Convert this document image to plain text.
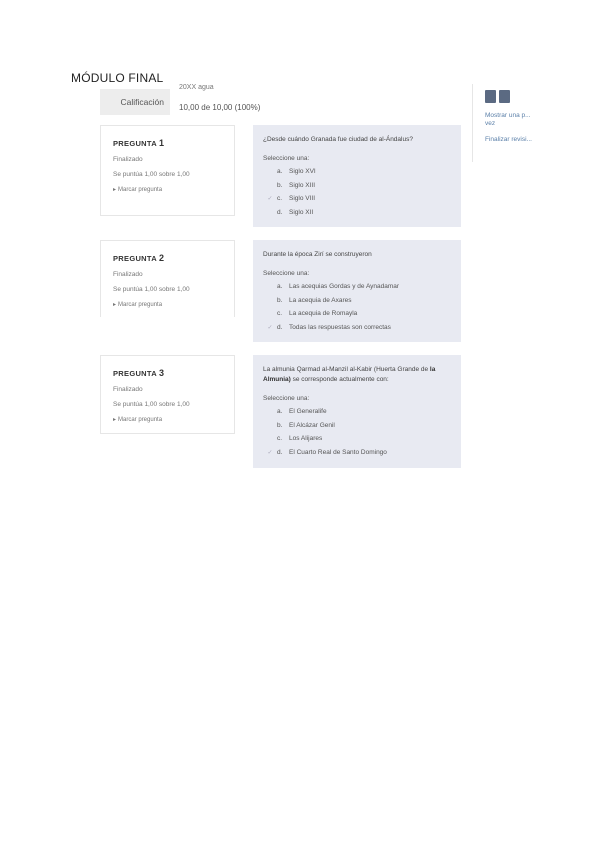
MÓDULO FINAL
20XX agua
Calificación
10,00 de 10,00 (100%)
Mostrar una p... vez
Finalizar revisi...
PREGUNTA 1
Finalizado
Se puntúa 1,00 sobre 1,00
▸ Marcar pregunta
¿Desde cuándo Granada fue ciudad de al-Ándalus?
Seleccione una:
a.	Siglo XVI
b.	Siglo XIII
✓ c.	Siglo VIII
d.	Siglo XII
PREGUNTA 2
Finalizado
Se puntúa 1,00 sobre 1,00
▸ Marcar pregunta
Durante la época Zirí se construyeron
Seleccione una:
a.	Las acequias Gordas y de Aynadamar
b.	La acequia de Axares
c.	La acequia de Romayla
✓ d.	Todas las respuestas son correctas
PREGUNTA 3
Finalizado
Se puntúa 1,00 sobre 1,00
▸ Marcar pregunta
La almunia Qarmad al-Manzil al-Kabir (Huerta Grande de la Almunia) se corresponde actualmente con:
Seleccione una:
a.	El Generalife
b.	El Alcázar Genil
c.	Los Alijares
✓ d.	El Cuarto Real de Santo Domingo
